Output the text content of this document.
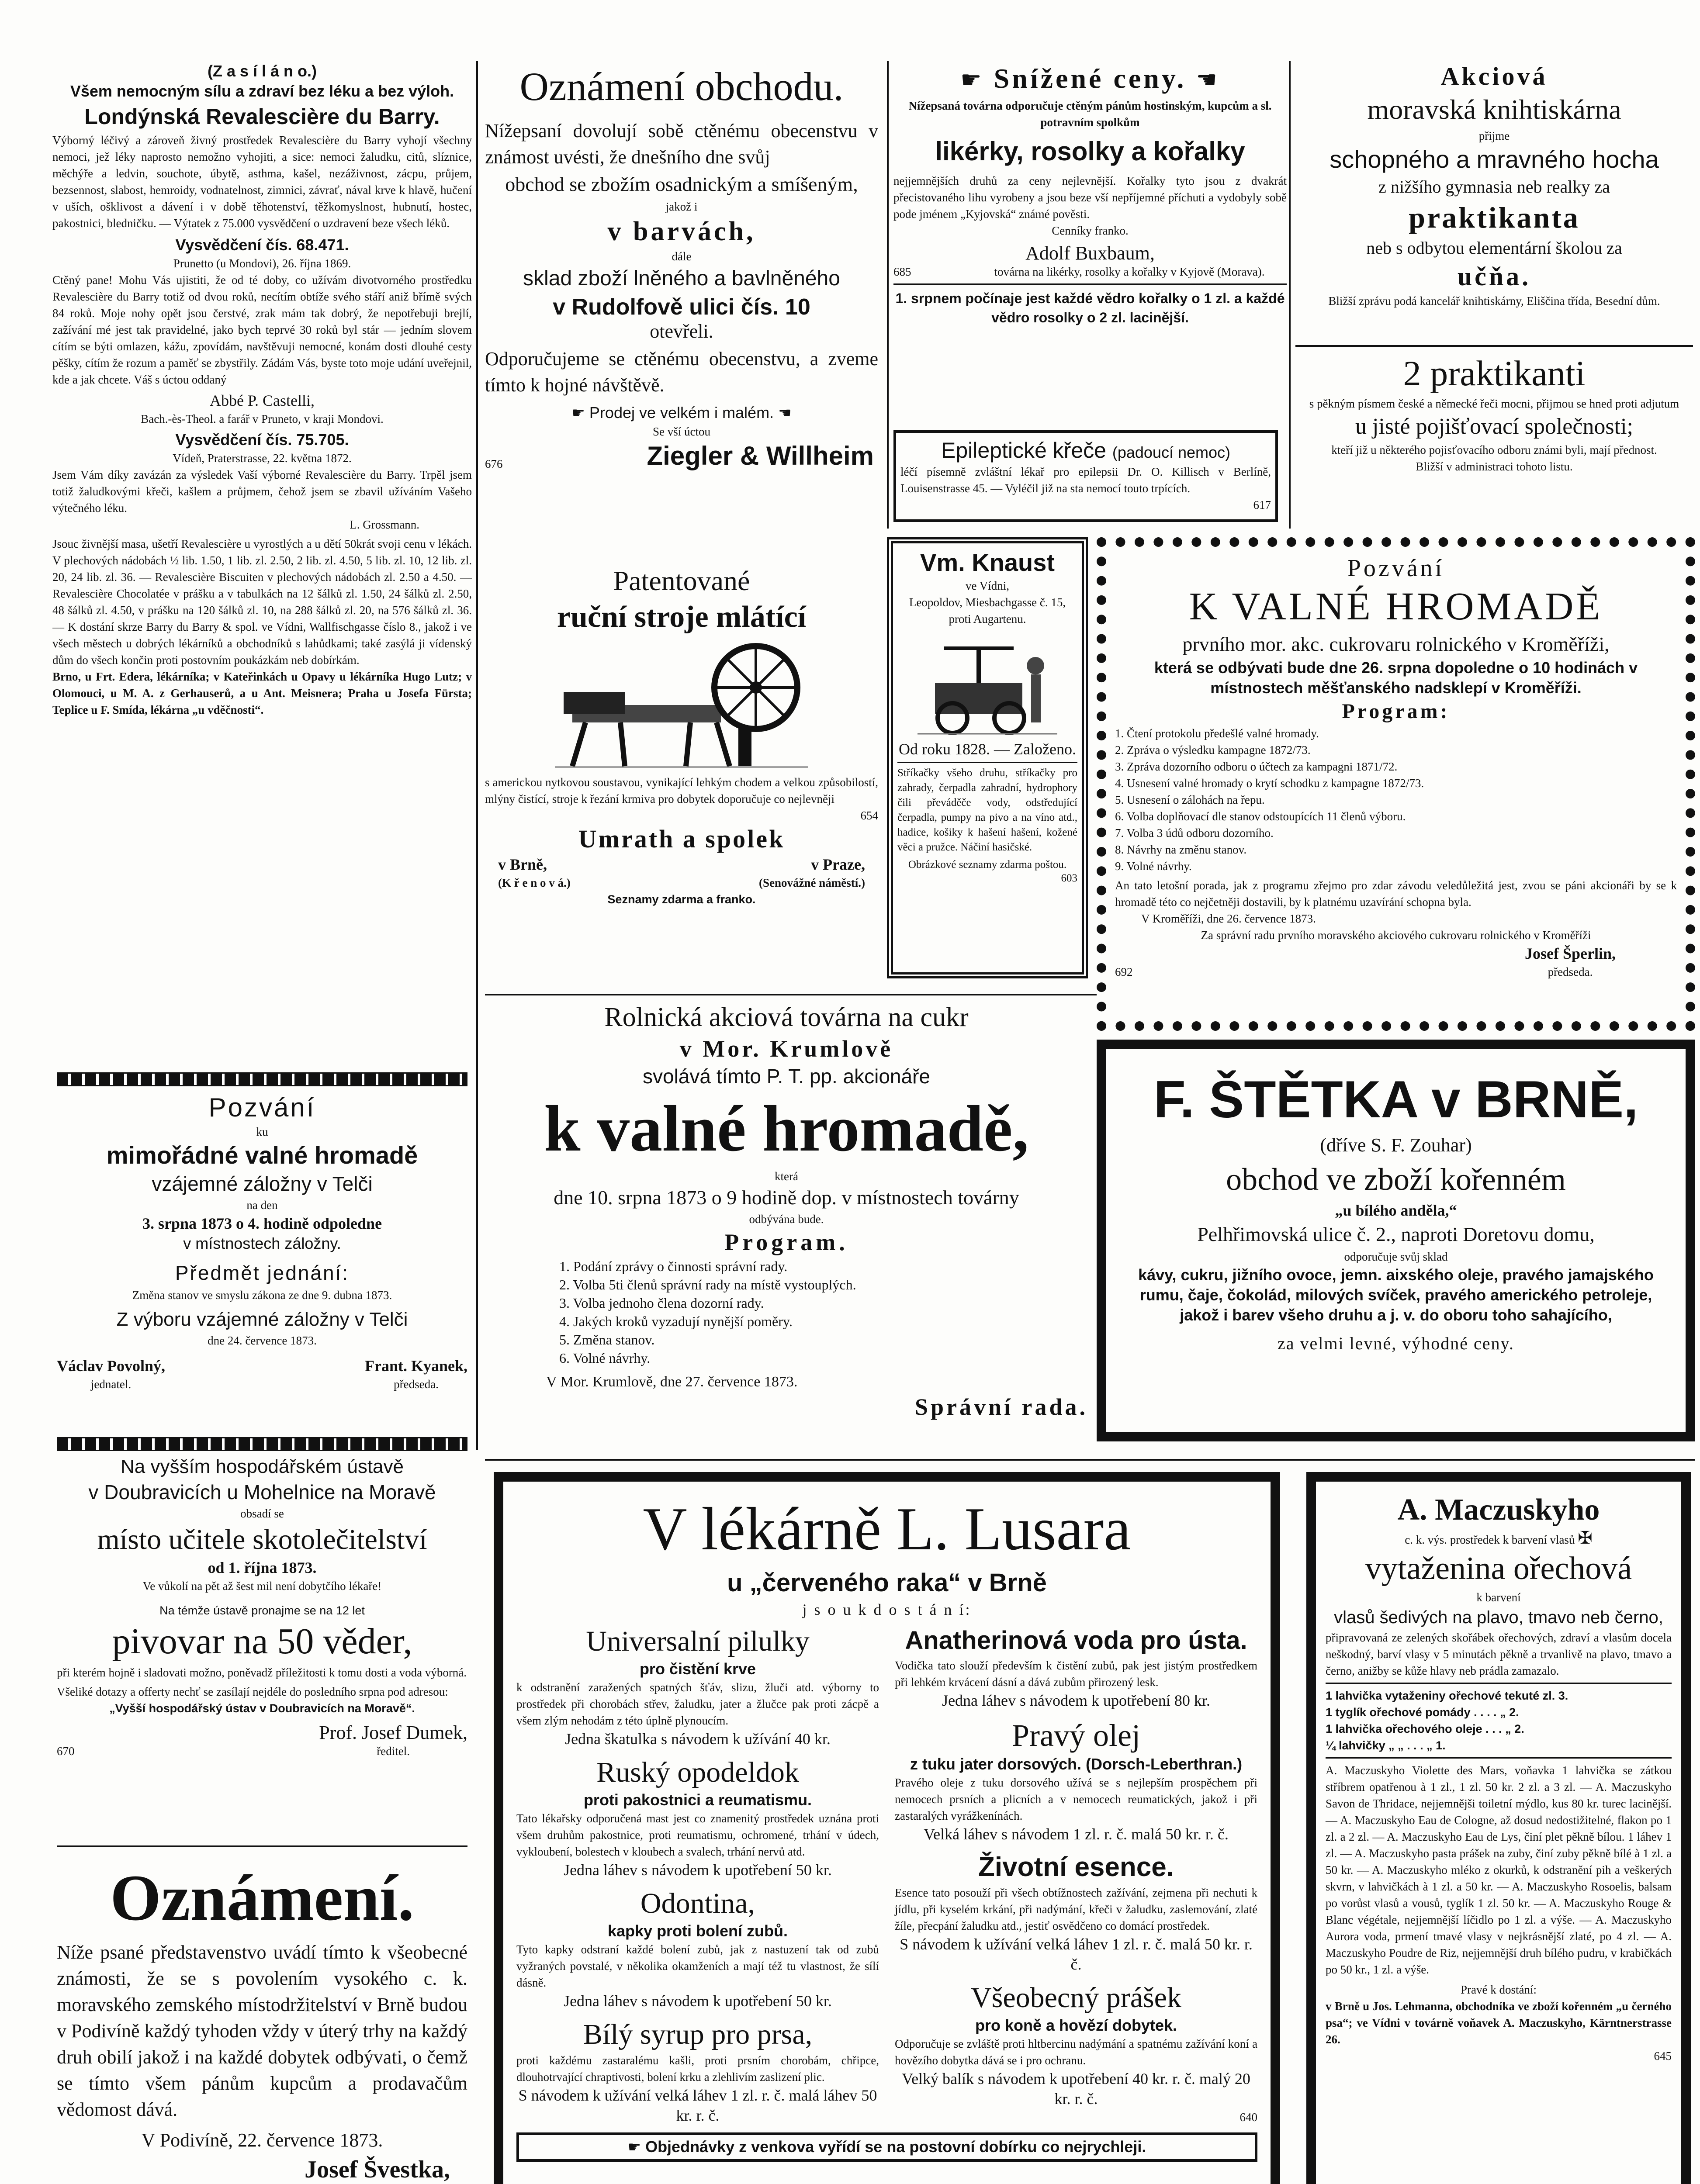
(Z a s í l á n o.)

Všem nemocným sílu a zdraví bez léku a bez výloh.

Londýnská Revalescière du Barry.

Výborný léčivý a zároveň živný prostředek Revalescière du Barry vyhojí všechny nemoci, jež léky naprosto nemožno vyhojiti, a sice: nemoci žaludku, citů, slíznice, měchýře a ledvin, souchote, úbytě, asthma, kašel, nezáživnost, zácpu, průjem, bezsennost, slabost, hemroidy, vodnatelnost, zimnici, závrať, nával krve k hlavě, hučení v uších, ošklivost a dávení i v době těhotenství, těžkomyslnost, hubnutí, hostec, pakostnici, bledničku. — Výtatek z 75.000 vysvědčení o uzdravení beze všech léků.

Vysvědčení čís. 68.471.

Prunetto (u Mondovi), 26. října 1869.

Ctěný pane! Mohu Vás ujistiti, že od té doby, co užívám divotvorného prostředku Revalescière du Barry totiž od dvou roků, necítím obtíže svého stáří aniž břímě svých 84 roků. Moje nohy opět jsou čerstvé, zrak mám tak dobrý, že nepotřebuji brejlí, zažívání mé jest tak pravidelné, jako bych teprvé 30 roků byl stár — jedním slovem cítím se býti omlazen, kážu, zpovídám, navštěvuji nemocné, konám dosti dlouhé cesty pěšky, cítím že rozum a paměť se zbystřily. Zádám Vás, byste toto moje udání uveřejnil, kde a jak chcete. Váš s úctou oddaný

Abbé P. Castelli,

Bach.-ès-Theol. a farář v Pruneto, v kraji Mondovi.

Vysvědčení čís. 75.705.

Vídeň, Praterstrasse, 22. května 1872.

Jsem Vám díky zavázán za výsledek Vaší výborné Revalescière du Barry. Trpěl jsem totiž žaludkovými křeči, kašlem a průjmem, čehož jsem se zbavil užíváním Vašeho výtečného léku.

L. Grossmann.

Jsouc živnější masa, ušetří Revalescière u vyrostlých a u dětí 50krát svoji cenu v lékách. V plechových nádobách ½ lib. 1.50, 1 lib. zl. 2.50, 2 lib. zl. 4.50, 5 lib. zl. 10, 12 lib. zl. 20, 24 lib. zl. 36. — Revalescière Biscuiten v plechových nádobách zl. 2.50 a 4.50. — Revalescière Chocolatée v prášku a v tabulkách na 12 šálků zl. 1.50, 24 šálků zl. 2.50, 48 šálků zl. 4.50, v prášku na 120 šálků zl. 10, na 288 šálků zl. 20, na 576 šálků zl. 36. — K dostání skrze Barry du Barry & spol. ve Vídni, Wallfischgasse číslo 8., jakož i ve všech městech u dobrých lékárníků a obchodníků s lahůdkami; také zasýlá ji vídenský dům do všech končin proti postovním poukázkám neb dobírkám.

Brno, u Frt. Edera, lékárníka; v Kateřinkách u Opavy u lékárníka Hugo Lutz; v Olomouci, u M. A. z Gerhauserů, a u Ant. Meisnera; Praha u Josefa Fürsta; Teplice u F. Smída, lékárna „u vděčnosti“.

Pozvání

ku

mimořádné valné hromadě

vzájemné záložny v Telči

na den

3. srpna 1873 o 4. hodině odpoledne

v místnostech záložny.

Předmět jednání:

Změna stanov ve smyslu zákona ze dne 9. dubna 1873.

Z výboru vzájemné záložny v Telči

dne 24. července 1873.

Václav Povolný,

jednatel.

Frant. Kyanek,

předseda.

Na vyšším hospodářském ústavě

v Doubravicích u Mohelnice na Moravě

obsadí se

místo učitele skotolečitelství

od 1. října 1873.

Ve vůkolí na pět až šest mil není dobytčího lékaře!

Na témže ústavě pronajme se na 12 let

pivovar na 50 věder,

při kterém hojně i sladovati možno, poněvadž příležitosti k tomu dosti a voda výborná.

Všeliké dotazy a offerty nechť se zasílají nejdéle do posledního srpna pod adresou:

„Vyšší hospodářský ústav v Doubravicích na Moravě“.

670

Prof. Josef Dumek,

ředitel.

Oznámení.

Níže psané představenstvo uvádí tímto k všeobecné známosti, že se s povolením vysokého c. k. moravského zemského místodržitelství v Brně budou v Podivíně každý tyhoden vždy v úterý trhy na každý druh obilí jakož i na každé dobytek odbývati, o čemž se tímto všem pánům kupcům a prodavačům vědomost dává.

V Podivíně, 22. července 1873.

Josef Švestka,

Oznámení obchodu.

Nížepsaní dovolují sobě ctěnému obecenstvu v známost uvésti, že dnešního dne svůj

obchod se zbožím osadnickým a smíšeným,

jakož i

v barvách,

dále

sklad zboží lněného a bavlněného

v Rudolfově ulici čís. 10

otevřeli.

Odporučujeme se ctěnému obecenstvu, a zveme tímto k hojné návštěvě.

☛ Prodej ve velkém i malém. ☚

Se vší úctou

676	Ziegler & Willheim

Patentované

ruční stroje mlátící

s americkou nytkovou soustavou, vynikající lehkým chodem a velkou způsobilostí, mlýny čistící, stroje k řezání krmiva pro dobytek doporučuje co nejlevněji

654

Umrath a spolek

v Brně,	v Praze,
(K ř e n o v á.)	(Senovážné náměstí.)

Seznamy zdarma a franko.

☛ Snížené ceny. ☚

Nížepsaná továrna odporučuje ctěným pánům hostinským, kupcům a sl. potravním spolkům

likérky, rosolky a kořalky

nejjemnějších druhů za ceny nejlevnější. Kořalky tyto jsou z dvakrát přecistovaného lihu vyrobeny a jsou beze vší nepříjemné příchuti a vydobyly sobě pode jménem „Kyjovská“ známé pověsti.

Cenníky franko.

Adolf Buxbaum,

685	továrna na likérky, rosolky a kořalky v Kyjově (Morava).

1. srpnem počínaje jest každé vědro kořalky o 1 zl. a každé vědro rosolky o 2 zl. lacinější.

Epileptické křeče (padoucí nemoc)

léčí písemně zvláštní lékař pro epilepsii Dr. O. Killisch v Berlíně, Louisenstrasse 45. — Vyléčil již na sta nemocí touto trpících.

617

Vm. Knaust

ve Vídni,

Leopoldov, Miesbachgasse č. 15, proti Augartenu.

Od roku 1828. — Založeno.

Stříkačky všeho druhu, stříkačky pro zahrady, čerpadla zahradní, hydrophory čili převáděče vody, odstředující čerpadla, pumpy na pivo a na víno atd., hadice, košiky k hašení hašení, kožené věci a pružce. Náčiní hasičské.

Obrázkové seznamy zdarma poštou.

603

Pozvání

K VALNÉ HROMADĚ

prvního mor. akc. cukrovaru rolnického v Kroměříži,

která se odbývati bude dne 26. srpna dopoledne o 10 hodinách v místnostech měšťanského nadsklepí v Kroměříži.

Program:

1. Čtení protokolu předešlé valné hromady.

2. Zpráva o výsledku kampagne 1872/73.

3. Zpráva dozorního odboru o účtech za kampagni 1871/72.

4. Usnesení valné hromady o krytí schodku z kampagne 1872/73.

5. Usnesení o zálohách na řepu.

6. Volba doplňovací dle stanov odstoupících 11 členů výboru.

7. Volba 3 údů odboru dozorního.

8. Návrhy na změnu stanov.

9. Volné návrhy.

An tato letošní porada, jak z programu zřejmo pro zdar závodu veledůležitá jest, zvou se páni akcionáři by se k hromadě této co nejčetněji dostavili, by k platnému uzavírání schopna byla.

V Kroměříži, dne 26. července 1873.

Za správní radu prvního moravského akciového cukrovaru rolnického v Kroměříži

692

Josef Šperlin,

předseda.

Akciová

moravská knihtiskárna

přijme

schopného a mravného hocha

z nižšího gymnasia neb realky za

praktikanta

neb s odbytou elementární školou za

učňa.

Bližší zprávu podá kancelář knihtiskárny, Eliščina třída, Besední dům.

2 praktikanti

s pěkným písmem české a německé řeči mocni, přijmou se hned proti adjutum

u jisté pojišťovací společnosti;

kteří již u některého pojisťovacího odboru známi byli, mají přednost.

Bližší v administraci tohoto listu.

Rolnická akciová továrna na cukr

v Mor. Krumlově

svolává tímto P. T. pp. akcionáře

k valné hromadě,

která

dne 10. srpna 1873 o 9 hodině dop. v místnostech továrny

odbývána bude.

Program.

1. Podání zprávy o činnosti správní rady.

2. Volba 5ti členů správní rady na místě vystouplých.

3. Volba jednoho člena dozorní rady.

4. Jakých kroků vyzadují nynější poměry.

5. Změna stanov.

6. Volné návrhy.

V Mor. Krumlově, dne 27. července 1873.

Správní rada.

F. ŠTĚTKA v BRNĚ,

(dříve S. F. Zouhar)

obchod ve zboží kořenném

„u bílého anděla,“

Pelhřimovská ulice č. 2., naproti Doretovu domu,

odporučuje svůj sklad

kávy, cukru, jižního ovoce, jemn. aixského oleje, pravého jamajského rumu, čaje, čokolád, milových svíček, pravého amerického petroleje, jakož i barev všeho druhu a j. v. do oboru toho sahajícího,

za velmi levné, výhodné ceny.

V lékárně L. Lusara

u „červeného raka“ v Brně

j s o u k d o s t á n í:

Universalní pilulky

pro čistění krve

k odstranění zaražených spatných šťáv, slizu, žluči atd. výborny to prostředek při chorobách střev, žaludku, jater a žlučce pak proti zácpě a všem zlým nehodám z této úplně plynoucím.

Jedna škatulka s návodem k užívání 40 kr.

Ruský opodeldok

proti pakostnici a reumatismu.

Tato lékařsky odporučená mast jest co znamenitý prostředek uznána proti všem druhům pakostnice, proti reumatismu, ochromené, trhání v údech, vykloubení, bolestech v kloubech a svalech, trhání nervů atd.

Jedna láhev s návodem k upotřebení 50 kr.

Odontina,

kapky proti bolení zubů.

Tyto kapky odstraní každé bolení zubů, jak z nastuzení tak od zubů vyžraných povstalé, v několika okamženích a mají též tu vlastnost, že sílí dásně.

Jedna láhev s návodem k upotřebení 50 kr.

Bílý syrup pro prsa,

proti každému zastaralému kašli, proti prsním chorobám, chřipce, dlouhotrvající chraptivosti, bolení krku a zlehlivím zaslizení plic.

S návodem k užívání velká láhev 1 zl. r. č. malá láhev 50 kr. r. č.

Anatherinová voda pro ústa.

Vodička tato slouží především k čistění zubů, pak jest jistým prostředkem při lehkém krvácení dásní a dává zubům přirozený lesk.

Jedna láhev s návodem k upotřebení 80 kr.

Pravý olej

z tuku jater dorsových. (Dorsch-Leberthran.)

Pravého oleje z tuku dorsového užívá se s nejlepším prospěchem při nemocech prsních a plicních a v nemocech reumatických, jakož i při zastaralých vyrážkenínách.

Velká láhev s návodem 1 zl. r. č. malá 50 kr. r. č.

Životní esence.

Esence tato posouží při všech obtížnostech zažívání, zejmena při nechuti k jídlu, při kyselém krkání, při nadýmání, křeči v žaludku, zaslemování, zlaté žíle, přecpání žaludku atd., jestiť osvědčeno co domácí prostředek.

S návodem k užívání velká láhev 1 zl. r. č. malá 50 kr. r. č.

Všeobecný prášek

pro koně a hovězí dobytek.

Odporučuje se zvláště proti hltbercinu nadýmání a spatnému zažívání koní a hovězího dobytka dává se i pro ochranu.

Velký balík s návodem k upotřebení 40 kr. r. č. malý 20 kr. r. č.

640

☛ Objednávky z venkova vyřídí se na postovní dobírku co nejrychleji.

A. Maczuskyho

c. k. výs. prostředek k barvení vlasů ✠

vytaženina ořechová

k barvení

vlasů šedivých na plavo, tmavo neb černo,

připravovaná ze zelených skořábek ořechových, zdraví a vlasům docela neškodný, barví vlasy v 5 minutách pěkně a trvanlivě na plavo, tmavo a černo, anižby se kůže hlavy neb prádla zamazalo.

1 lahvička vytaženiny ořechové tekuté zl. 3.

1 tyglík ořechové pomády . . . . „ 2.

1 lahvička ořechového oleje . . . „ 2.

¼ lahvičky „ „ . . . „ 1.

A. Maczuskyho Violette des Mars, voňavka 1 lahvička se zátkou stříbrem opatřenou à 1 zl., 1 zl. 50 kr. 2 zl. a 3 zl. — A. Maczuskyho Savon de Thridace, nejjemnějši toiletní mýdlo, kus 80 kr. turec lacinější. — A. Maczuskyho Eau de Cologne, až dosud nedostižitelné, flakon po 1 zl. a 2 zl. — A. Maczuskyho Eau de Lys, činí plet pěkně bílou. 1 láhev 1 zl. — A. Maczuskyho pasta prášek na zuby, činí zuby pěkně bílé à 1 zl. a 50 kr. — A. Maczuskyho mléko z okurků, k odstranění pih a veškerých skvrn, v lahvičkách à 1 zl. a 50 kr. — A. Maczuskyho Rosoelis, balsam po vorůst vlasů a vousů, tyglík 1 zl. 50 kr. — A. Maczuskyho Rouge & Blanc végétale, nejjemnější líčidlo po 1 zl. a výše. — A. Maczuskyho Aurora voda, prmení tmavé vlasy v nejkrásnější zlaté, po 4 zl. — A. Maczuskyho Poudre de Riz, nejjemnější druh bílého pudru, v krabičkách po 50 kr., 1 zl. a výše.

Pravé k dostání:

v Brně u Jos. Lehmanna, obchodníka ve zboží kořenném „u černého psa“; ve Vídni v továrně voňavek A. Maczuskyho, Kärntnerstrasse 26.

645
